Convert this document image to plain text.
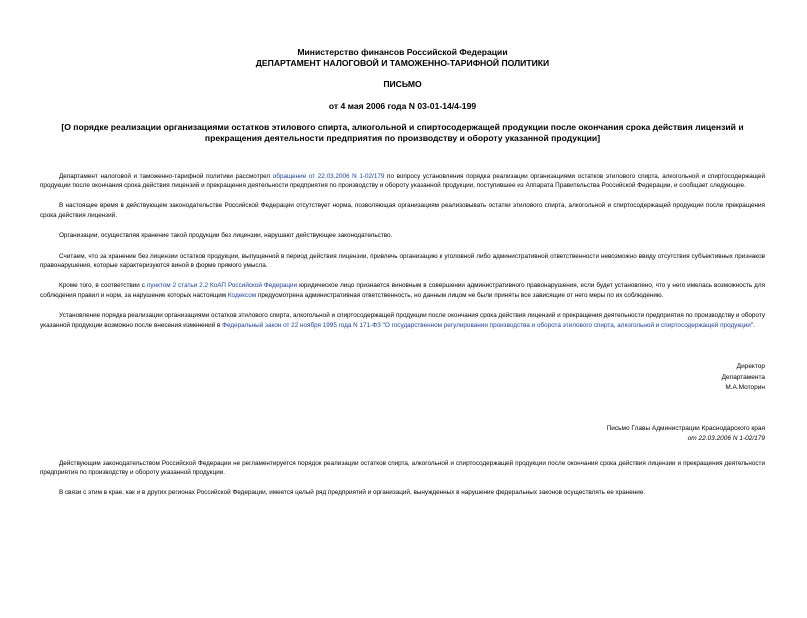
Министерство финансов Российской Федерации
ДЕПАРТАМЕНТ НАЛОГОВОЙ И ТАМОЖЕННО-ТАРИФНОЙ ПОЛИТИКИ
ПИСЬМО
от 4 мая 2006 года N 03-01-14/4-199
[О порядке реализации организациями остатков этилового спирта, алкогольной и спиртосодержащей продукции после окончания срока действия лицензий и прекращения деятельности предприятия по производству и обороту указанной продукции]

Департамент налоговой и таможенно-тарифной политики рассмотрел обращение от 22.03.2006 N 1-02/179 по вопросу установления порядка реализации организациями остатков этилового спирта, алкогольной и спиртосодержащей продукции после окончания срока действия лицензий и прекращения деятельности предприятия по производству и обороту указанной продукции, поступившее из Аппарата Правительства Российской Федерации, и сообщает следующее.

В настоящее время в действующем законодательстве Российской Федерации отсутствует норма, позволяющая организациям реализовывать остатки этилового спирта, алкогольной и спиртосодержащей продукции после прекращения срока действия лицензий.

Организации, осуществляя хранение такой продукции без лицензии, нарушают действующее законодательство.

Считаем, что за хранение без лицензии остатков продукции, выпущенной в период действия лицензии, привлечь организацию к уголовной либо административной ответственности невозможно ввиду отсутствия субъективных признаков правонарушения, которые характеризуются виной в форме прямого умысла.

Кроме того, в соответствии с пунктом 2 статьи 2.2 КоАП Российской Федерации юридическое лицо признается виновным в совершении административного правонарушения, если будет установлено, что у него имелась возможность для соблюдения правил и норм, за нарушение которых настоящим Кодексом предусмотрена административная ответственность, но данным лицом не были приняты все зависящие от него меры по их соблюдению.

Установление порядка реализации организациями остатков этилового спирта, алкогольной и спиртосодержащей продукции после окончания срока действия лицензий и прекращения деятельности предприятия по производству и обороту указанной продукции возможно после внесения изменений в Федеральный закон от 22 ноября 1995 года N 171-ФЗ "О государственном регулировании производства и оборота этилового спирта, алкогольной и спиртосодержащей продукции".

Директор
Департамента
М.А.Моторин
Письмо Главы Администрации Краснодарского края
от 22.03.2006 N 1-02/179

Действующим законодательством Российской Федерации не регламентируется порядок реализации остатков спирта, алкогольной и спиртосодержащей продукции после окончания срока действия лицензии и прекращения деятельности предприятия по производству и обороту указанной продукции.

В связи с этим в крае, как и в других регионах Российской Федерации, имеется целый ряд предприятий и организаций, вынужденных в нарушение федеральных законов осуществлять ее хранение.
